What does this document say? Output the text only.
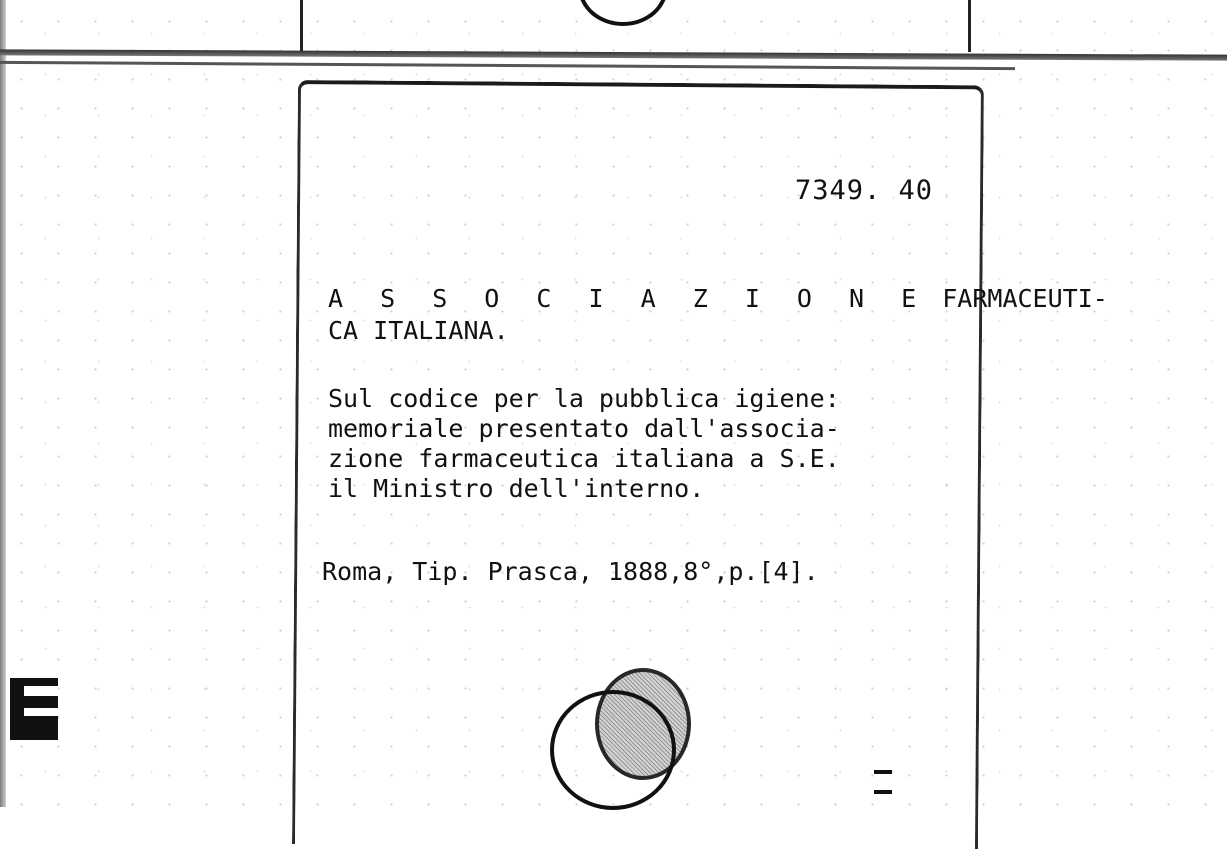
7349. 40
A S S O C I A Z I O N E FARMACEUTI-
CA ITALIANA.
Sul codice per la pubblica igiene:
memoriale presentato dall'associa-
zione farmaceutica italiana a S.E.
il Ministro dell'interno.
Roma, Tip. Prasca, 1888,8°,p.[4].
